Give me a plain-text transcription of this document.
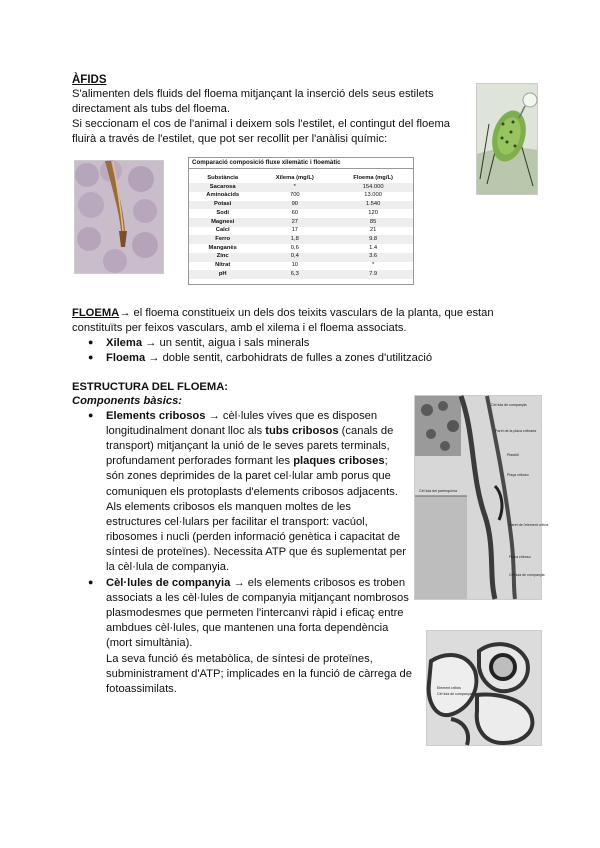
ÀFIDS

S'alimenten dels fluids del floema mitjançant la inserció dels seus estilets directament als tubs del floema.

Si seccionam el cos de l'animal i deixem sols l'estilet, el contingut del floema fluirà a través de l'estilet, que pot ser recollit per l'anàlisi químic:

Comparació composició fluxe xilemàtic i floemàtic
Substància	Xilema (mg/L)	Floema (mg/L)
Sacarosa	*	154.000
Aminoàcids	700	13.000
Potasi	90	1.540
Sodi	60	120
Magnesi	27	85
Calci	17	21
Ferro	1,8	9.8
Manganès	0,6	1.4
Zinc	0,4	3.6
Nitrat	10	*
pH	6,3	7.9
FLOEMA→ el floema constitueix un dels dos teixits vasculars de la planta, que estan constituïts per feixos vasculars, amb el xilema i el floema associats.
● Xilema → un sentit, aigua i sals minerals
● Floema → doble sentit, carbohidrats de fulles a zones d'utilització
ESTRUCTURA DEL FLOEMA:
Components bàsics:
● Elements cribosos → cèl·lules vives que es disposen longitudinalment donant lloc als tubs cribosos (canals de transport) mitjançant la unió de le seves parets terminals, profundament perforades formant les plaques criboses; són zones deprimides de la paret cel·lular amb porus que comuniquen els protoplasts d'elements cribosos adjacents. Als elements cribosos els manquen moltes de les estructures cel·lulars per facilitar el transport: vacúol, ribosomes i nucli (perden informació genètica i capacitat de síntesi de proteïnes). Necessita ATP que és suplementat per la cèl·lula de companyia.
● Cèl·lules de companyia → els elements cribosos es troben associats a les cèl·lules de companyia mitjançant nombrosos plasmodesmes que permeten l'intercanvi ràpid i eficaç entre ambdues cèl·lules, que mantenen una forta dependència (mort simultània).
La seva funció és metabòlica, de síntesi de proteïnes, subministrament d'ATP; implicades en la funció de càrrega de fotoassimilats.
Cèl·lula de companyia
Paret de la placa criboses
Plastidi
Plaça criboso
Cèl·lula del parènquima
Paret de l'element cribòs
Placa criboso
Cèl·lula de companyia
Element cribòs
Cèl·lula de companyia
